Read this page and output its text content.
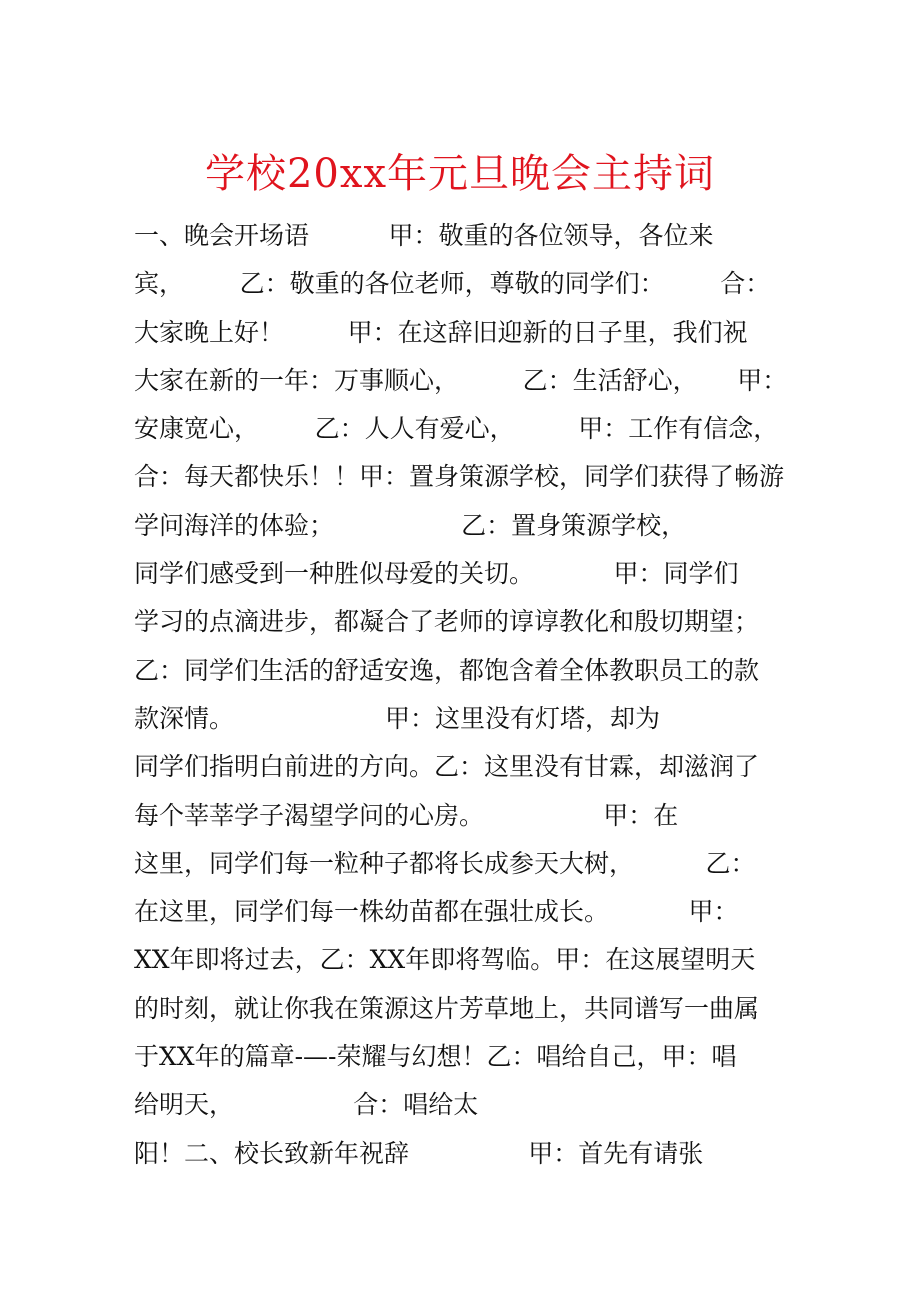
学校20xx年元旦晚会主持词
一、晚会开场语          甲：敬重的各位领导，各位来
宾，       乙：敬重的各位老师，尊敬的同学们：       合：
大家晚上好！        甲：在这辞旧迎新的日子里，我们祝
大家在新的一年：万事顺心，        乙：生活舒心，     甲：
安康宽心，       乙：人人有爱心，        甲：工作有信念，
合：每天都快乐！！甲：置身策源学校，同学们获得了畅游
学问海洋的体验；                乙：置身策源学校，
同学们感受到一种胜似母爱的关切。          甲：同学们
学习的点滴进步，都凝合了老师的谆谆教化和殷切期望；
乙：同学们生活的舒适安逸，都饱含着全体教职员工的款
款深情。                   甲：这里没有灯塔，却为
同学们指明白前进的方向。乙：这里没有甘霖，却滋润了
每个莘莘学子渴望学问的心房。               甲：在
这里，同学们每一粒种子都将长成参天大树，         乙：
在这里，同学们每一株幼苗都在强壮成长。          甲：
XX年即将过去，乙：XX年即将驾临。甲：在这展望明天
的时刻，就让你我在策源这片芳草地上，共同谱写一曲属
于XX年的篇章-—-荣耀与幻想！乙：唱给自己，甲：唱
给明天，               合：唱给太
阳！二、校长致新年祝辞               甲：首先有请张
